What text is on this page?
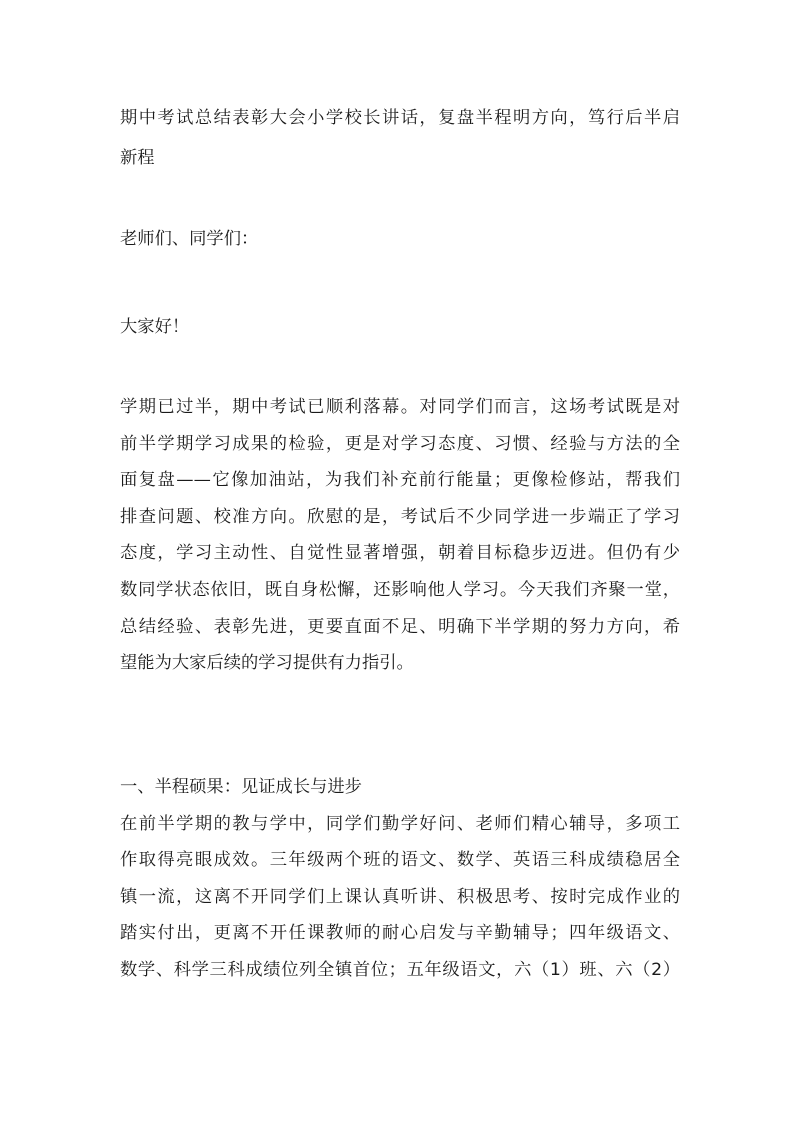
期中考试总结表彰大会小学校长讲话，复盘半程明方向，笃行后半启
新程
老师们、同学们：
大家好！
学期已过半，期中考试已顺利落幕。对同学们而言，这场考试既是对
前半学期学习成果的检验，更是对学习态度、习惯、经验与方法的全
面复盘——它像加油站，为我们补充前行能量；更像检修站，帮我们
排查问题、校准方向。欣慰的是，考试后不少同学进一步端正了学习
态度，学习主动性、自觉性显著增强，朝着目标稳步迈进。但仍有少
数同学状态依旧，既自身松懈，还影响他人学习。今天我们齐聚一堂，
总结经验、表彰先进，更要直面不足、明确下半学期的努力方向，希
望能为大家后续的学习提供有力指引。
一、半程硕果：见证成长与进步
在前半学期的教与学中，同学们勤学好问、老师们精心辅导，多项工
作取得亮眼成效。三年级两个班的语文、数学、英语三科成绩稳居全
镇一流，这离不开同学们上课认真听讲、积极思考、按时完成作业的
踏实付出，更离不开任课教师的耐心启发与辛勤辅导；四年级语文、
数学、科学三科成绩位列全镇首位；五年级语文，六（1）班、六（2）
